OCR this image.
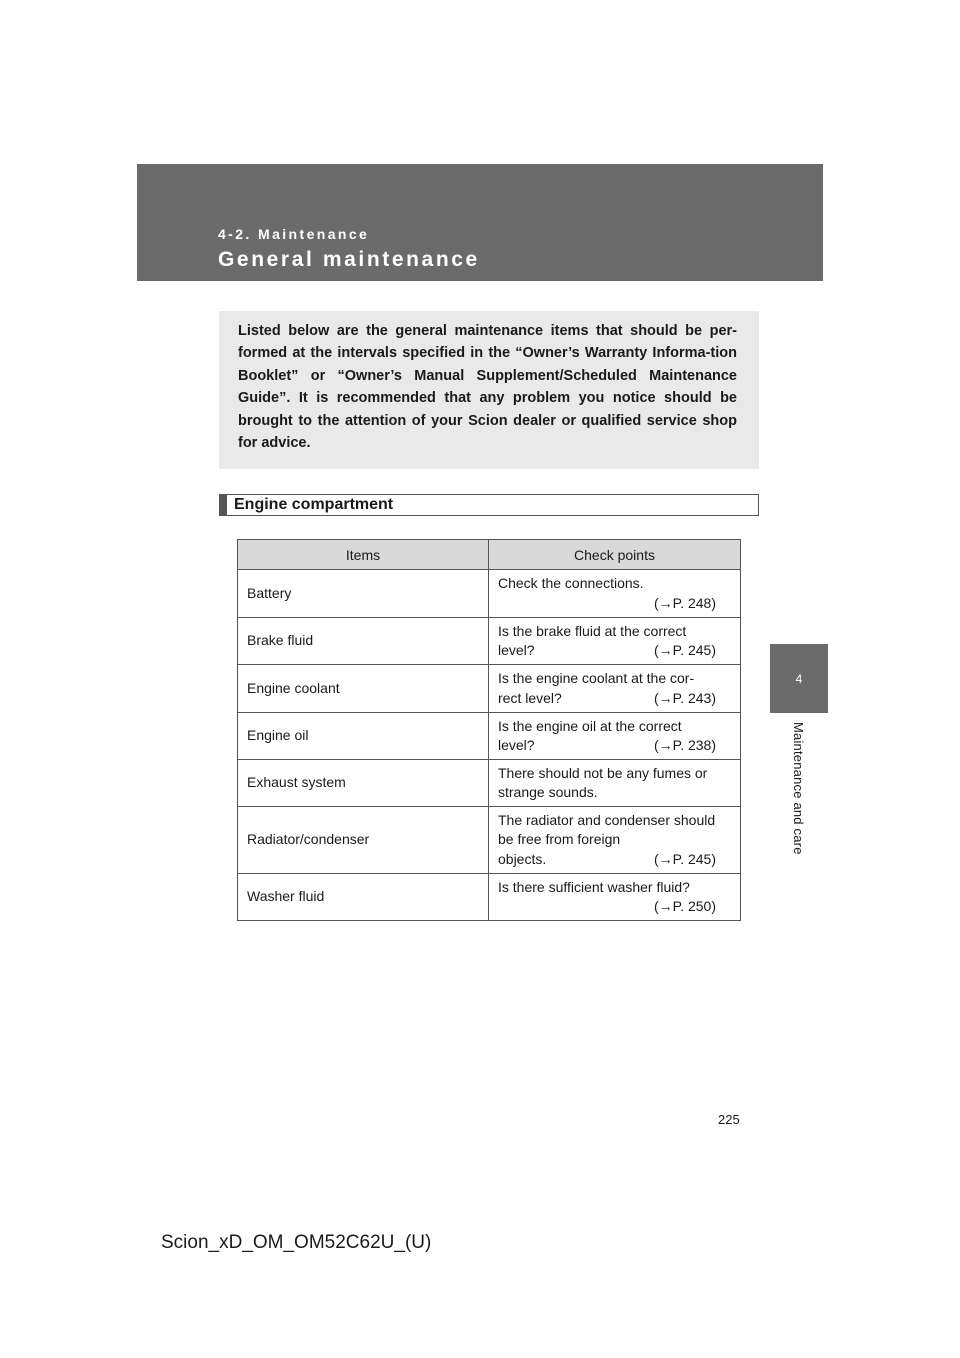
4-2. Maintenance

General maintenance
4
Maintenance and care

Listed below are the general maintenance items that should be per-formed at the intervals specified in the “Owner’s Warranty Informa-tion Booklet” or “Owner’s Manual Supplement/Scheduled Maintenance Guide”. It is recommended that any problem you notice should be brought to the attention of your Scion dealer or qualified service shop for advice.

Engine compartment
Items	Check points
Battery	Check the connections.
(→P. 248)

Brake fluid	Is the brake fluid at the correct
level? (→P. 245)

Engine coolant	Is the engine coolant at the cor-
rect level? (→P. 243)

Engine oil	Is the engine oil at the correct
level? (→P. 238)

Exhaust system	There should not be any fumes or strange sounds.
Radiator/condenser	The radiator and condenser should be free from foreign
objects. (→P. 245)

Washer fluid	Is there sufficient washer fluid?
(→P. 250)
225
Scion_xD_OM_OM52C62U_(U)
